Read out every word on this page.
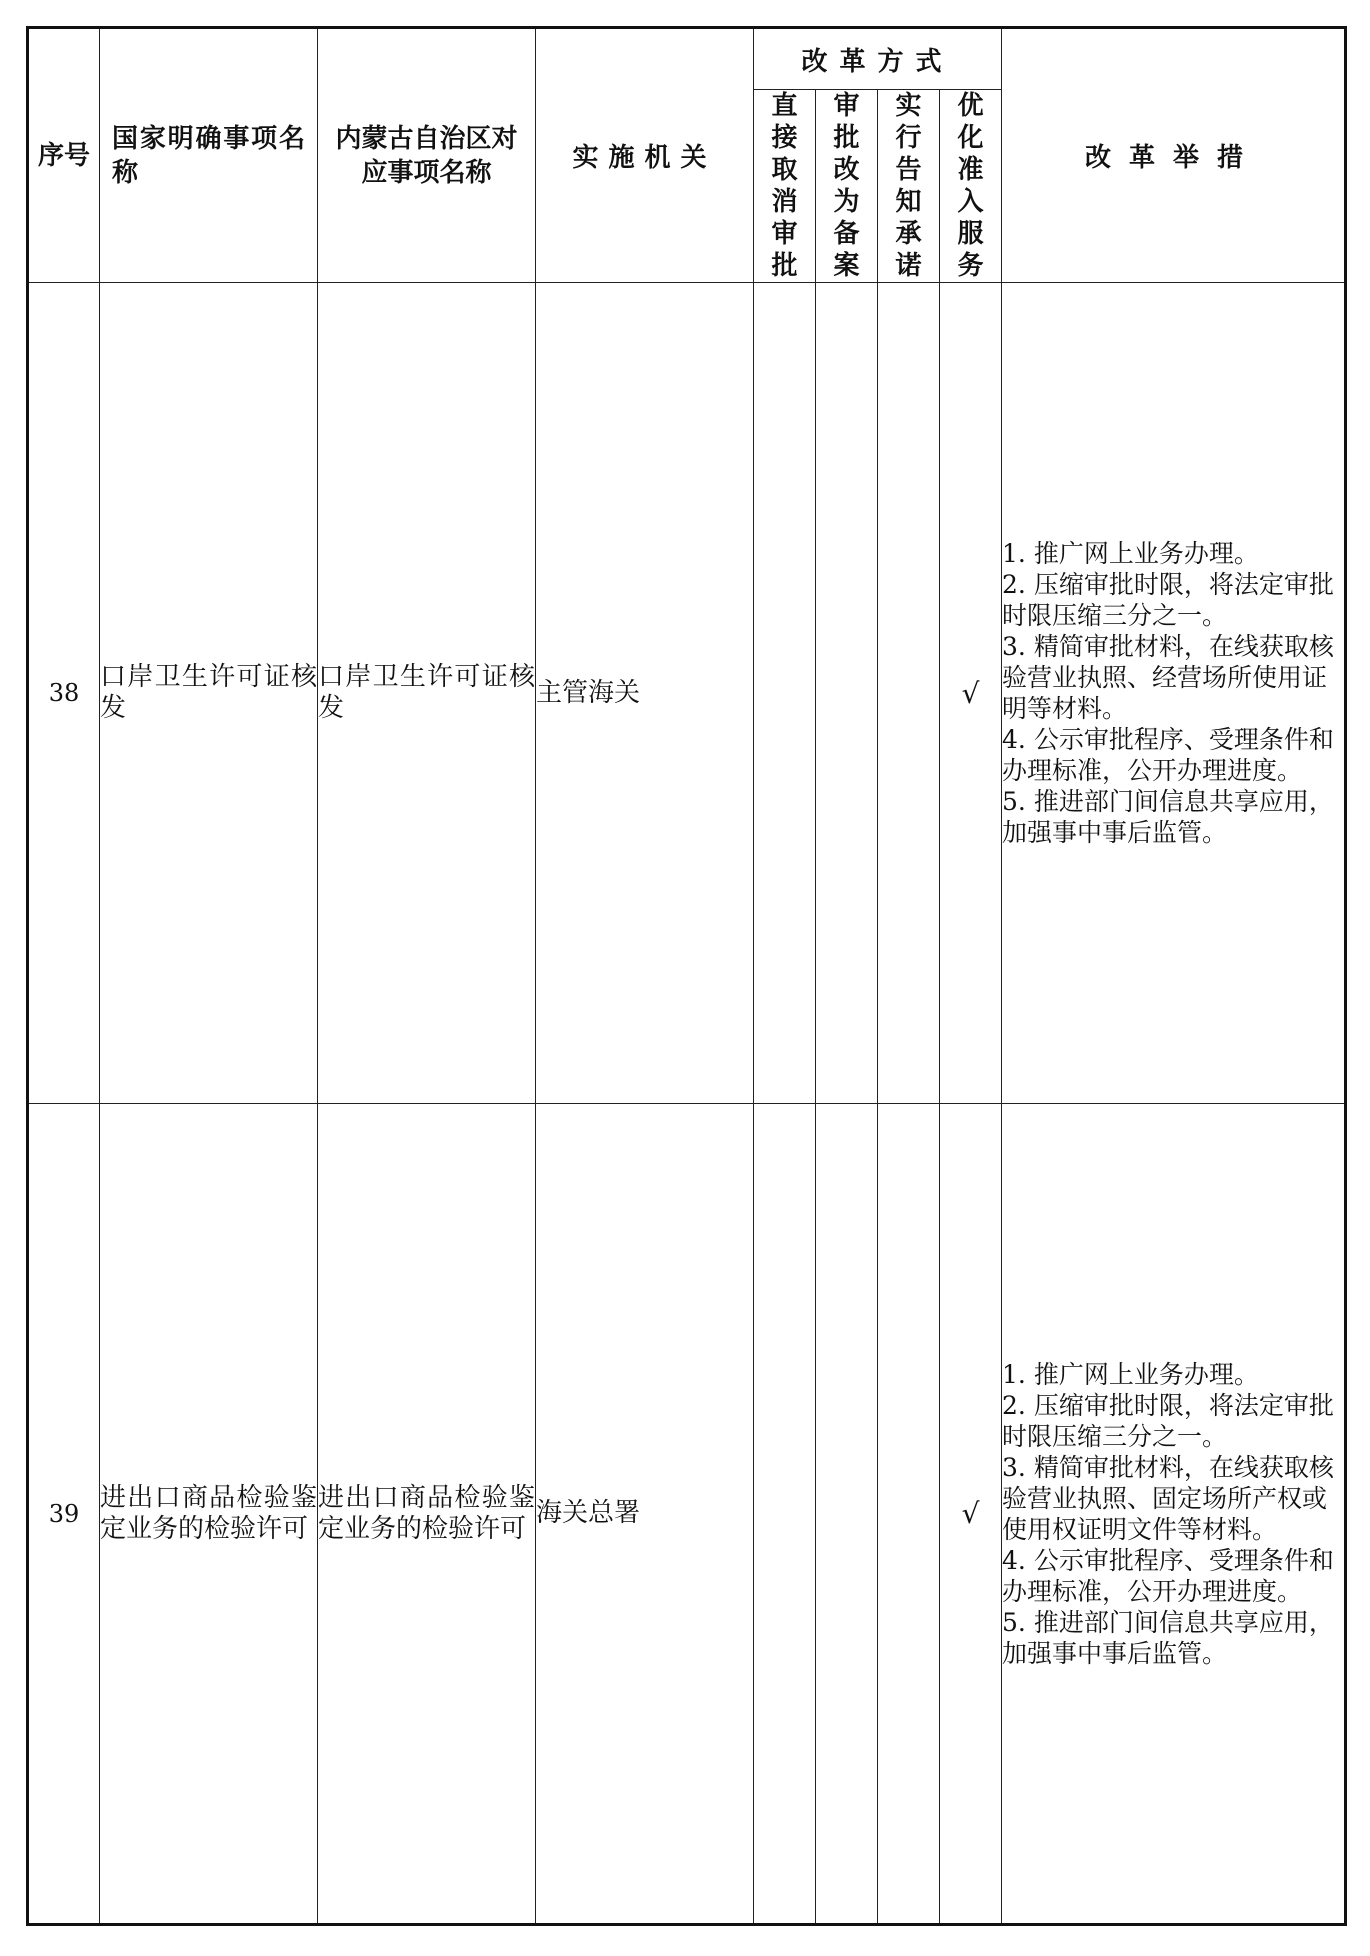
序号	国家明确事项名称	内蒙古自治区对应事项名称	实施机关	改革方式				改革举措

				直接取消审批	审批改为备案	实行告知承诺	优化准入服务	

38	口岸卫生许可证核发	口岸卫生许可证核发	主管海关				√	1. 推广网上业务办理。
2. 压缩审批时限，将法定审批时限压缩三分之一。
3. 精简审批材料，在线获取核验营业执照、经营场所使用证明等材料。
4. 公示审批程序、受理条件和办理标准，公开办理进度。
5. 推进部门间信息共享应用，加强事中事后监管。

39	进出口商品检验鉴定业务的检验许可	进出口商品检验鉴定业务的检验许可	海关总署				√	1. 推广网上业务办理。
2. 压缩审批时限，将法定审批时限压缩三分之一。
3. 精简审批材料，在线获取核验营业执照、固定场所产权或使用权证明文件等材料。
4. 公示审批程序、受理条件和办理标准，公开办理进度。
5. 推进部门间信息共享应用，加强事中事后监管。
